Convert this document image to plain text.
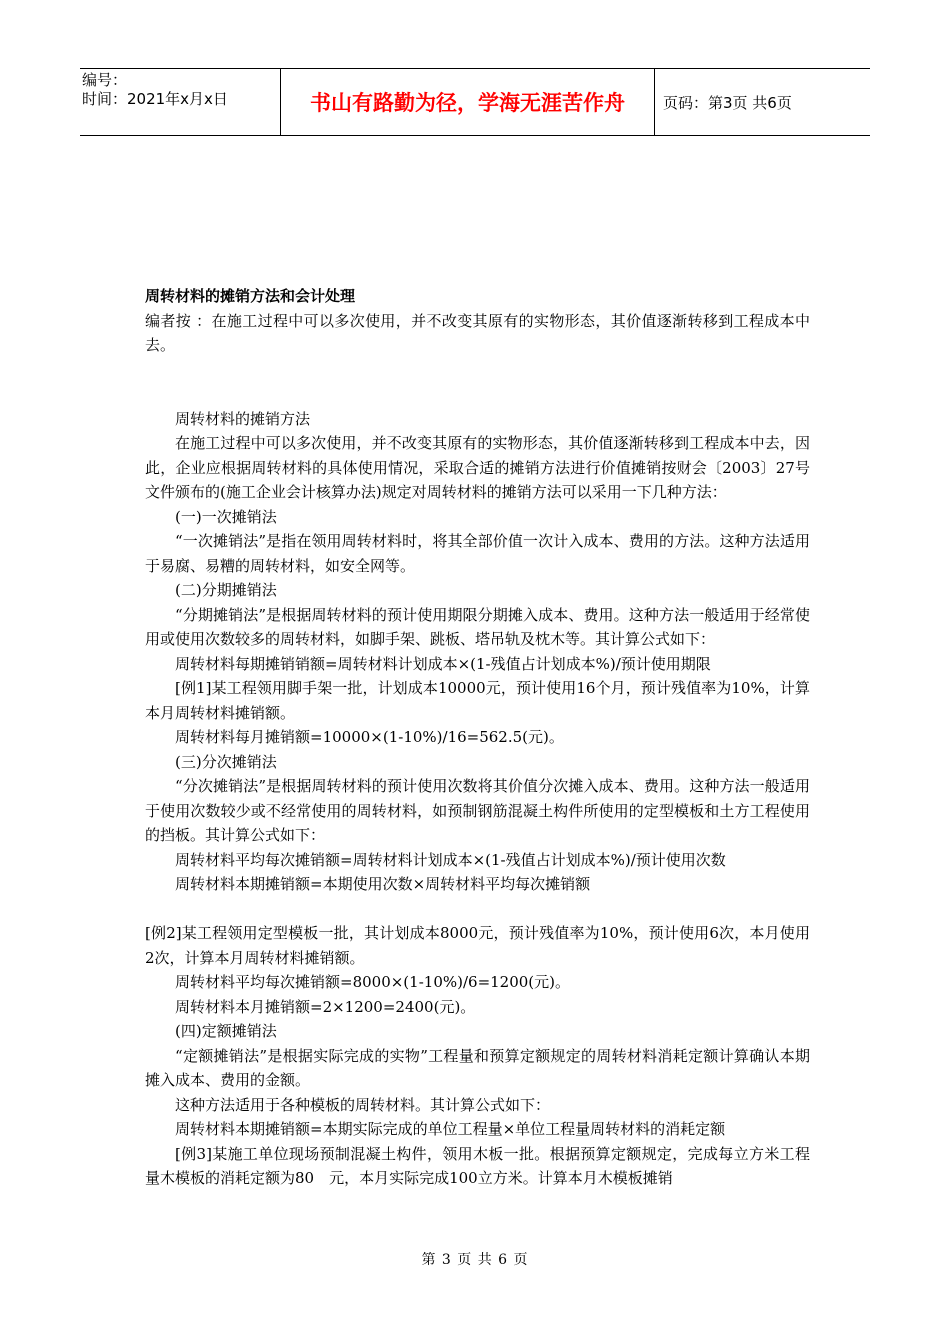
编号：
时间：2021年x月x日	书山有路勤为径，学海无涯苦作舟	页码：第3页 共6页

周转材料的摊销方法和会计处理

编者按 ：在施工过程中可以多次使用，并不改变其原有的实物形态，其价值逐渐转移到工程成本中去。

周转材料的摊销方法

在施工过程中可以多次使用，并不改变其原有的实物形态，其价值逐渐转移到工程成本中去，因此，企业应根据周转材料的具体使用情况，采取合适的摊销方法进行价值摊销按财会〔2003〕27号文件颁布的(施工企业会计核算办法)规定对周转材料的摊销方法可以采用一下几种方法：

(一)一次摊销法

“一次摊销法”是指在领用周转材料时，将其全部价值一次计入成本、费用的方法。这种方法适用于易腐、易糟的周转材料，如安全网等。

(二)分期摊销法

“分期摊销法”是根据周转材料的预计使用期限分期摊入成本、费用。这种方法一般适用于经常使用或使用次数较多的周转材料，如脚手架、跳板、塔吊轨及枕木等。其计算公式如下：

周转材料每期摊销销额=周转材料计划成本×(1-残值占计划成本%)/预计使用期限

[例1]某工程领用脚手架一批，计划成本10000元，预计使用16个月，预计残值率为10%，计算本月周转材料摊销额。

周转材料每月摊销额=10000×(1-10%)/16=562.5(元)。

(三)分次摊销法

“分次摊销法”是根据周转材料的预计使用次数将其价值分次摊入成本、费用。这种方法一般适用于使用次数较少或不经常使用的周转材料，如预制钢筋混凝土构件所使用的定型模板和土方工程使用的挡板。其计算公式如下：

周转材料平均每次摊销额=周转材料计划成本×(1-残值占计划成本%)/预计使用次数

周转材料本期摊销额=本期使用次数×周转材料平均每次摊销额

[例2]某工程领用定型模板一批，其计划成本8000元，预计残值率为10%，预计使用6次，本月使用2次，计算本月周转材料摊销额。

周转材料平均每次摊销额=8000×(1-10%)/6=1200(元)。

周转材料本月摊销额=2×1200=2400(元)。

(四)定额摊销法

“定额摊销法”是根据实际完成的实物”工程量和预算定额规定的周转材料消耗定额计算确认本期摊入成本、费用的金额。

这种方法适用于各种模板的周转材料。其计算公式如下：

周转材料本期摊销额=本期实际完成的单位工程量×单位工程量周转材料的消耗定额

[例3]某施工单位现场预制混凝土构件，领用木板一批。根据预算定额规定，完成每立方米工程量木模板的消耗定额为80　元，本月实际完成100立方米。计算本月木模板摊销

第 3 页 共 6 页
